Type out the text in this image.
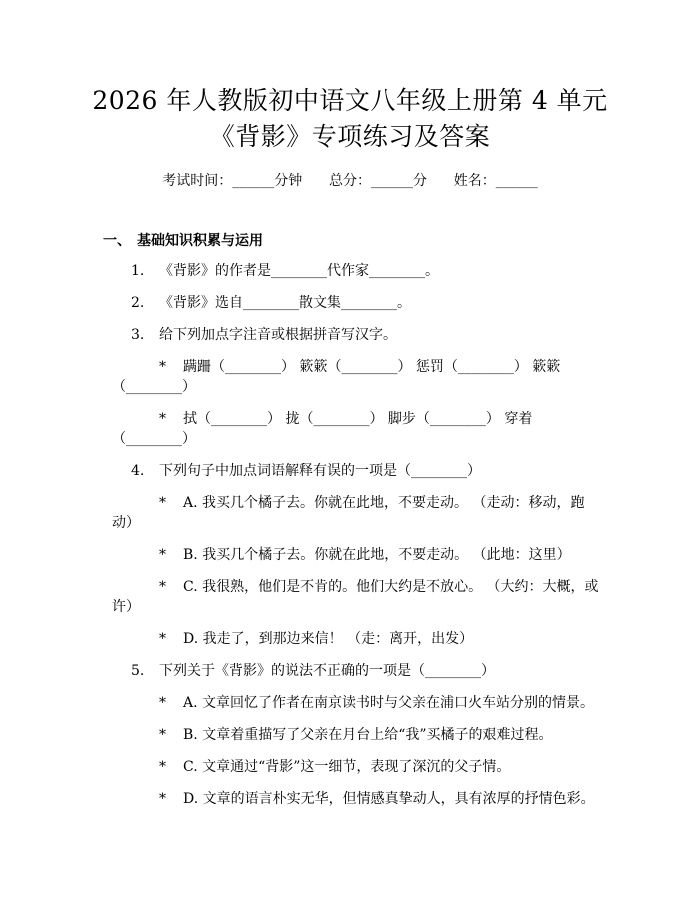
2026 年人教版初中语文八年级上册第 4 单元
《背影》专项练习及答案
考试时间：______分钟      总分：______分      姓名：______
一、 基础知识积累与运用
1. 《背影》的作者是________代作家________。
2. 《背影》选自________散文集________。
3. 给下列加点字注音或根据拼音写汉字。
* 蹒跚（________） 簌簌（________） 惩罚（________） 簌簌
（________）
* 拭（________） 拢（________） 脚步（________） 穿着
（________）
4. 下列句子中加点词语解释有误的一项是（________）
* A. 我买几个橘子去。你就在此地，不要走动。 （走动：移动，跑
动）
* B. 我买几个橘子去。你就在此地，不要走动。 （此地：这里）
* C. 我很熟，他们是不肯的。他们大约是不放心。 （大约：大概，或
许）
* D. 我走了，到那边来信！ （走：离开，出发）
5. 下列关于《背影》的说法不正确的一项是（________）
* A. 文章回忆了作者在南京读书时与父亲在浦口火车站分别的情景。
* B. 文章着重描写了父亲在月台上给“我”买橘子的艰难过程。
* C. 文章通过“背影”这一细节，表现了深沉的父子情。
* D. 文章的语言朴实无华，但情感真挚动人，具有浓厚的抒情色彩。
